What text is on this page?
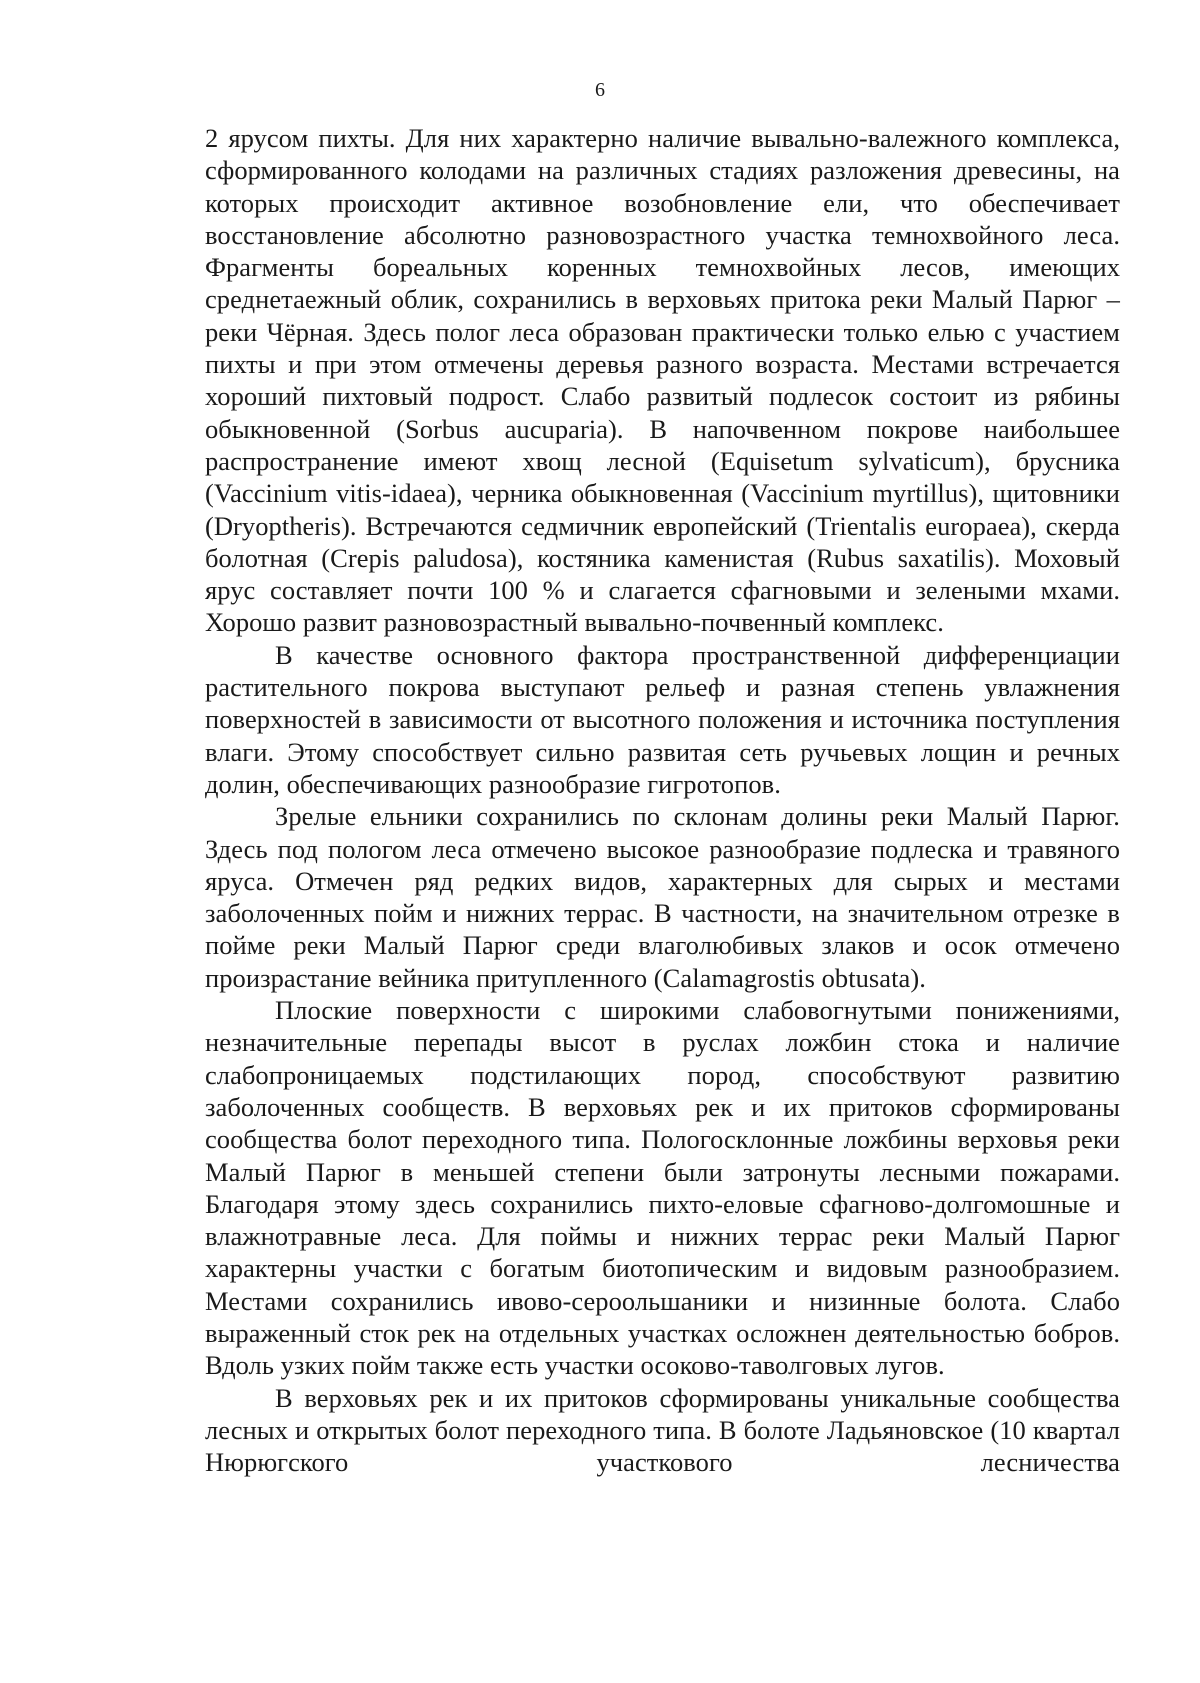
6

2 ярусом пихты. Для них характерно наличие вывально-валежного комплекса, сформированного колодами на различных стадиях разложения древесины, на которых происходит активное возобновление ели, что обеспечивает восстановление абсолютно разновозрастного участка темнохвойного леса. Фрагменты бореальных коренных темнохвойных лесов, имеющих среднетаежный облик, сохранились в верховьях притока реки Малый Парюг – реки Чёрная. Здесь полог леса образован практически только елью с участием пихты и при этом отмечены деревья разного возраста. Местами встречается хороший пихтовый подрост. Слабо развитый подлесок состоит из рябины обыкновенной (Sorbus aucuparia). В напочвенном покрове наибольшее распространение имеют хвощ лесной (Equisetum sylvaticum), брусника (Vaccinium vitis-idaea), черника обыкновенная (Vaccinium myrtillus), щитовники (Dryoptheris). Встречаются седмичник европейский (Trientalis europaea), скерда болотная (Crepis paludosa), костяника каменистая (Rubus saxatilis). Моховый ярус составляет почти 100 % и слагается сфагновыми и зелеными мхами. Хорошо развит разновозрастный вывально-почвенный комплекс.

В качестве основного фактора пространственной дифференциации растительного покрова выступают рельеф и разная степень увлажнения поверхностей в зависимости от высотного положения и источника поступления влаги. Этому способствует сильно развитая сеть ручьевых лощин и речных долин, обеспечивающих разнообразие гигротопов.

Зрелые ельники сохранились по склонам долины реки Малый Парюг. Здесь под пологом леса отмечено высокое разнообразие подлеска и травяного яруса. Отмечен ряд редких видов, характерных для сырых и местами заболоченных пойм и нижних террас. В частности, на значительном отрезке в пойме реки Малый Парюг среди влаголюбивых злаков и осок отмечено произрастание вейника притупленного (Calamagrostis obtusata).

Плоские поверхности с широкими слабовогнутыми понижениями, незначительные перепады высот в руслах ложбин стока и наличие слабопроницаемых подстилающих пород, способствуют развитию заболоченных сообществ. В верховьях рек и их притоков сформированы сообщества болот переходного типа. Пологосклонные ложбины верховья реки Малый Парюг в меньшей степени были затронуты лесными пожарами. Благодаря этому здесь сохранились пихто-еловые сфагново-долгомошные и влажнотравные леса. Для поймы и нижних террас реки Малый Парюг характерны участки с богатым биотопическим и видовым разнообразием. Местами сохранились ивово-сероольшаники и низинные болота. Слабо выраженный сток рек на отдельных участках осложнен деятельностью бобров. Вдоль узких пойм также есть участки осоково-таволговых лугов.

В верховьях рек и их притоков сформированы уникальные сообщества лесных и открытых болот переходного типа. В болоте Ладьяновское (10 квартал Нюрюгского участкового лесничества
